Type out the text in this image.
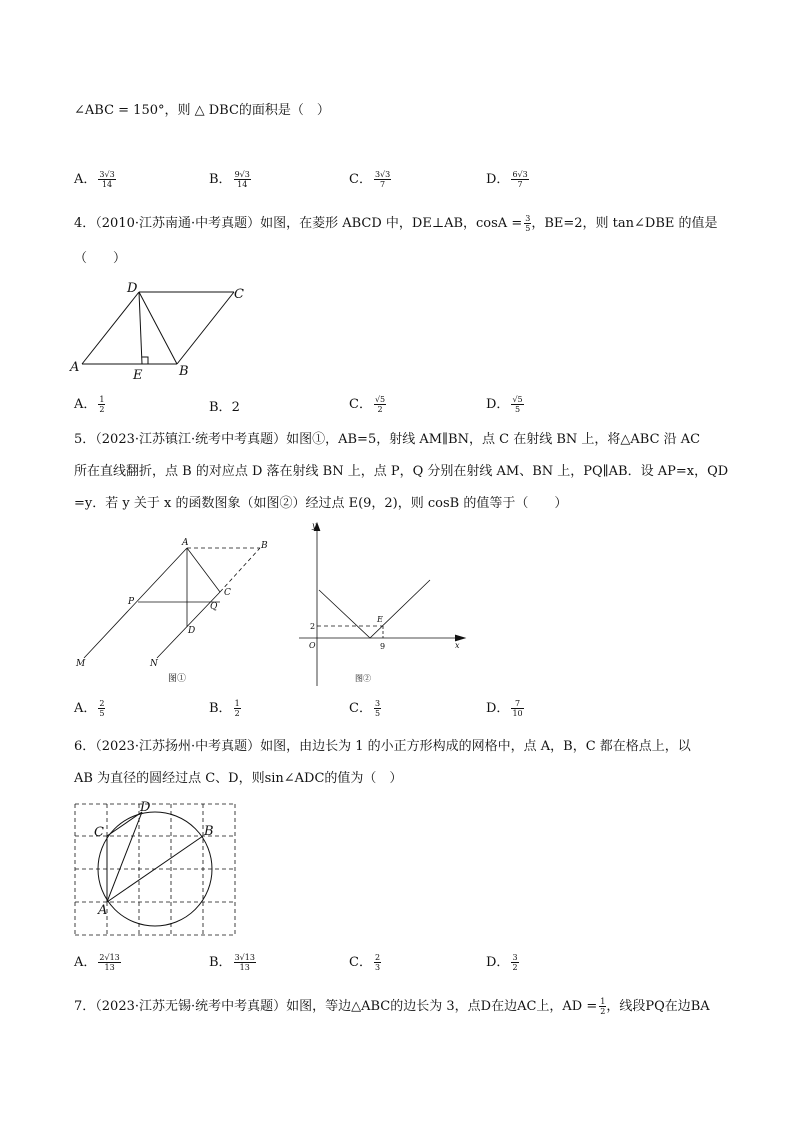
∠ABC = 150°，则 △ DBC的面积是（　）
A． $\frac{3√3}{14}$	B． $\frac{9√3}{14}$	C． $\frac{3√3}{7}$	D． $\frac{6√3}{7}$
4．（2010·江苏南通·中考真题）如图，在菱形 ABCD 中，DE⊥AB，$\cos A = \frac{3}{5}$ ，BE=2，则 tan∠DBE 的值是
（　　）
A
D	C
B
E
A． $\frac{1}{2}$	B．2	C． $\frac{√5}{2}$	D． $\frac{√5}{5}$
5．（2023·江苏镇江·统考中考真题）如图①，AB=5，射线 AM∥BN，点 C 在射线 BN 上，将△ABC 沿 AC
所在直线翻折，点 B 的对应点 D 落在射线 BN 上，点 P，Q 分别在射线 AM、BN 上，PQ∥AB．设 AP=x，QD
=y．若 y 关于 x 的函数图象（如图②）经过点 E(9，2)，则 cosB 的值等于（　　）
A	B
C
D
P	Q
M	N
图①
y
x
O
2
9
E
图②
A． $\frac{2}{5}$	B． $\frac{1}{2}$	C． $\frac{3}{5}$	D． $\frac{7}{10}$
6．（2023·江苏扬州·中考真题）如图，由边长为 1 的小正方形构成的网格中，点 A，B，C 都在格点上，以
AB 为直径的圆经过点 C、D，则sin∠ADC的值为（　）
A
B
C
D
A． $\frac{2√13}{13}$	B． $\frac{3√13}{13}$	C． $\frac{2}{3}$	D． $\frac{3}{2}$
7．（2023·江苏无锡·统考中考真题）如图，等边△ABC的边长为 3，点D在边AC上，AD = $\frac{1}{2}$ ，线段PQ在边BA
